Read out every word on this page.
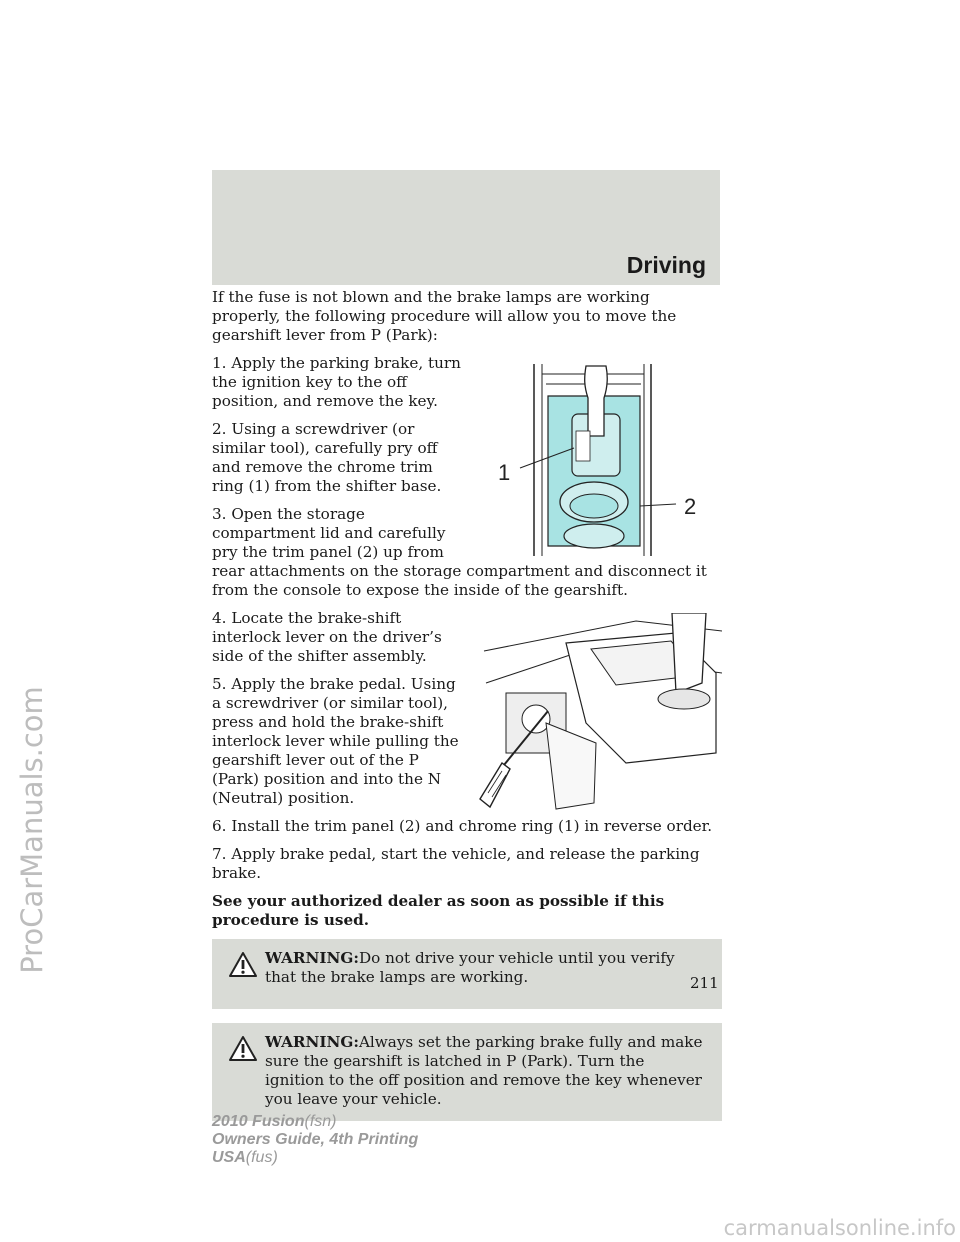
Driving

If the fuse is not blown and the brake lamps are working properly, the following procedure will allow you to move the gearshift lever from P (Park):

1
2

1. Apply the parking brake, turn the ignition key to the off position, and remove the key.

2. Using a screwdriver (or similar tool), carefully pry off and remove the chrome trim ring (1) from the shifter base.

3. Open the storage compartment lid and carefully pry the trim panel (2) up from rear attachments on the storage compartment and disconnect it from the console to expose the inside of the gearshift.

4. Locate the brake-shift interlock lever on the driver’s side of the shifter assembly.

5. Apply the brake pedal. Using a screwdriver (or similar tool), press and hold the brake-shift interlock lever while pulling the gearshift lever out of the P (Park) position and into the N (Neutral) position.

6. Install the trim panel (2) and chrome ring (1) in reverse order.

7. Apply brake pedal, start the vehicle, and release the parking brake.

See your authorized dealer as soon as possible if this procedure is used.

WARNING:Do not drive your vehicle until you verify that the brake lamps are working.
WARNING:Always set the parking brake fully and make sure the gearshift is latched in P (Park). Turn the ignition to the off position and remove the key whenever you leave your vehicle.
211
2010 Fusion(fsn)
Owners Guide, 4th Printing
USA(fus)
ProCarManuals.com
carmanualsonline.info
